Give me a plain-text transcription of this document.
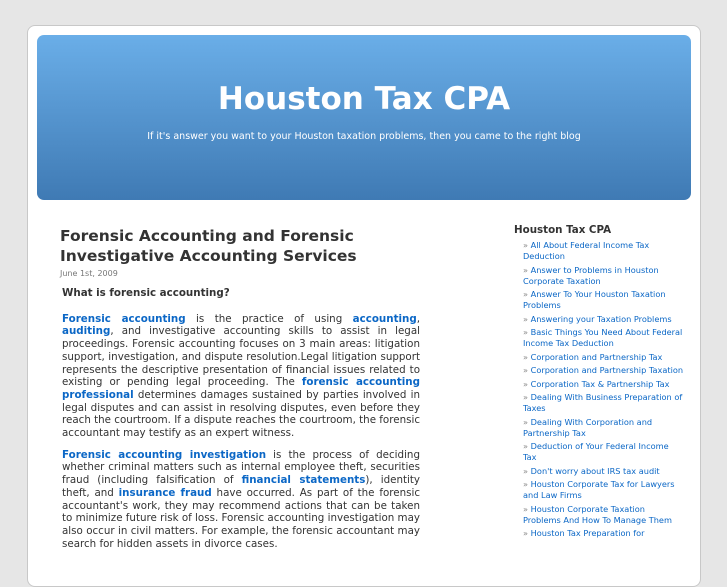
Houston Tax CPA
If it's answer you want to your Houston taxation problems, then you came to the right blog
Forensic Accounting and Forensic Investigative Accounting Services
June 1st, 2009
What is forensic accounting?

Forensic accounting is the practice of using accounting, auditing, and investigative accounting skills to assist in legal proceedings. Forensic accounting focuses on 3 main areas: litigation support, investigation, and dispute resolution.Legal litigation support represents the descriptive presentation of financial issues related to existing or pending legal proceeding. The forensic accounting professional determines damages sustained by parties involved in legal disputes and can assist in resolving disputes, even before they reach the courtroom. If a dispute reaches the courtroom, the forensic accountant may testify as an expert witness.

Forensic accounting investigation is the process of deciding whether criminal matters such as internal employee theft, securities fraud (including falsification of financial statements), identity theft, and insurance fraud have occurred. As part of the forensic accountant's work, they may recommend actions that can be taken to minimize future risk of loss. Forensic accounting investigation may also occur in civil matters. For example, the forensic accountant may search for hidden assets in divorce cases.

Houston Tax CPA
» All About Federal Income Tax Deduction
» Answer to Problems in Houston Corporate Taxation
» Answer To Your Houston Taxation Problems
» Answering your Taxation Problems
» Basic Things You Need About Federal Income Tax Deduction
» Corporation and Partnership Tax
» Corporation and Partnership Taxation
» Corporation Tax & Partnership Tax
» Dealing With Business Preparation of Taxes
» Dealing With Corporation and Partnership Tax
» Deduction of Your Federal Income Tax
» Don't worry about IRS tax audit
» Houston Corporate Tax for Lawyers and Law Firms
» Houston Corporate Taxation Problems And How To Manage Them
» Houston Tax Preparation for
